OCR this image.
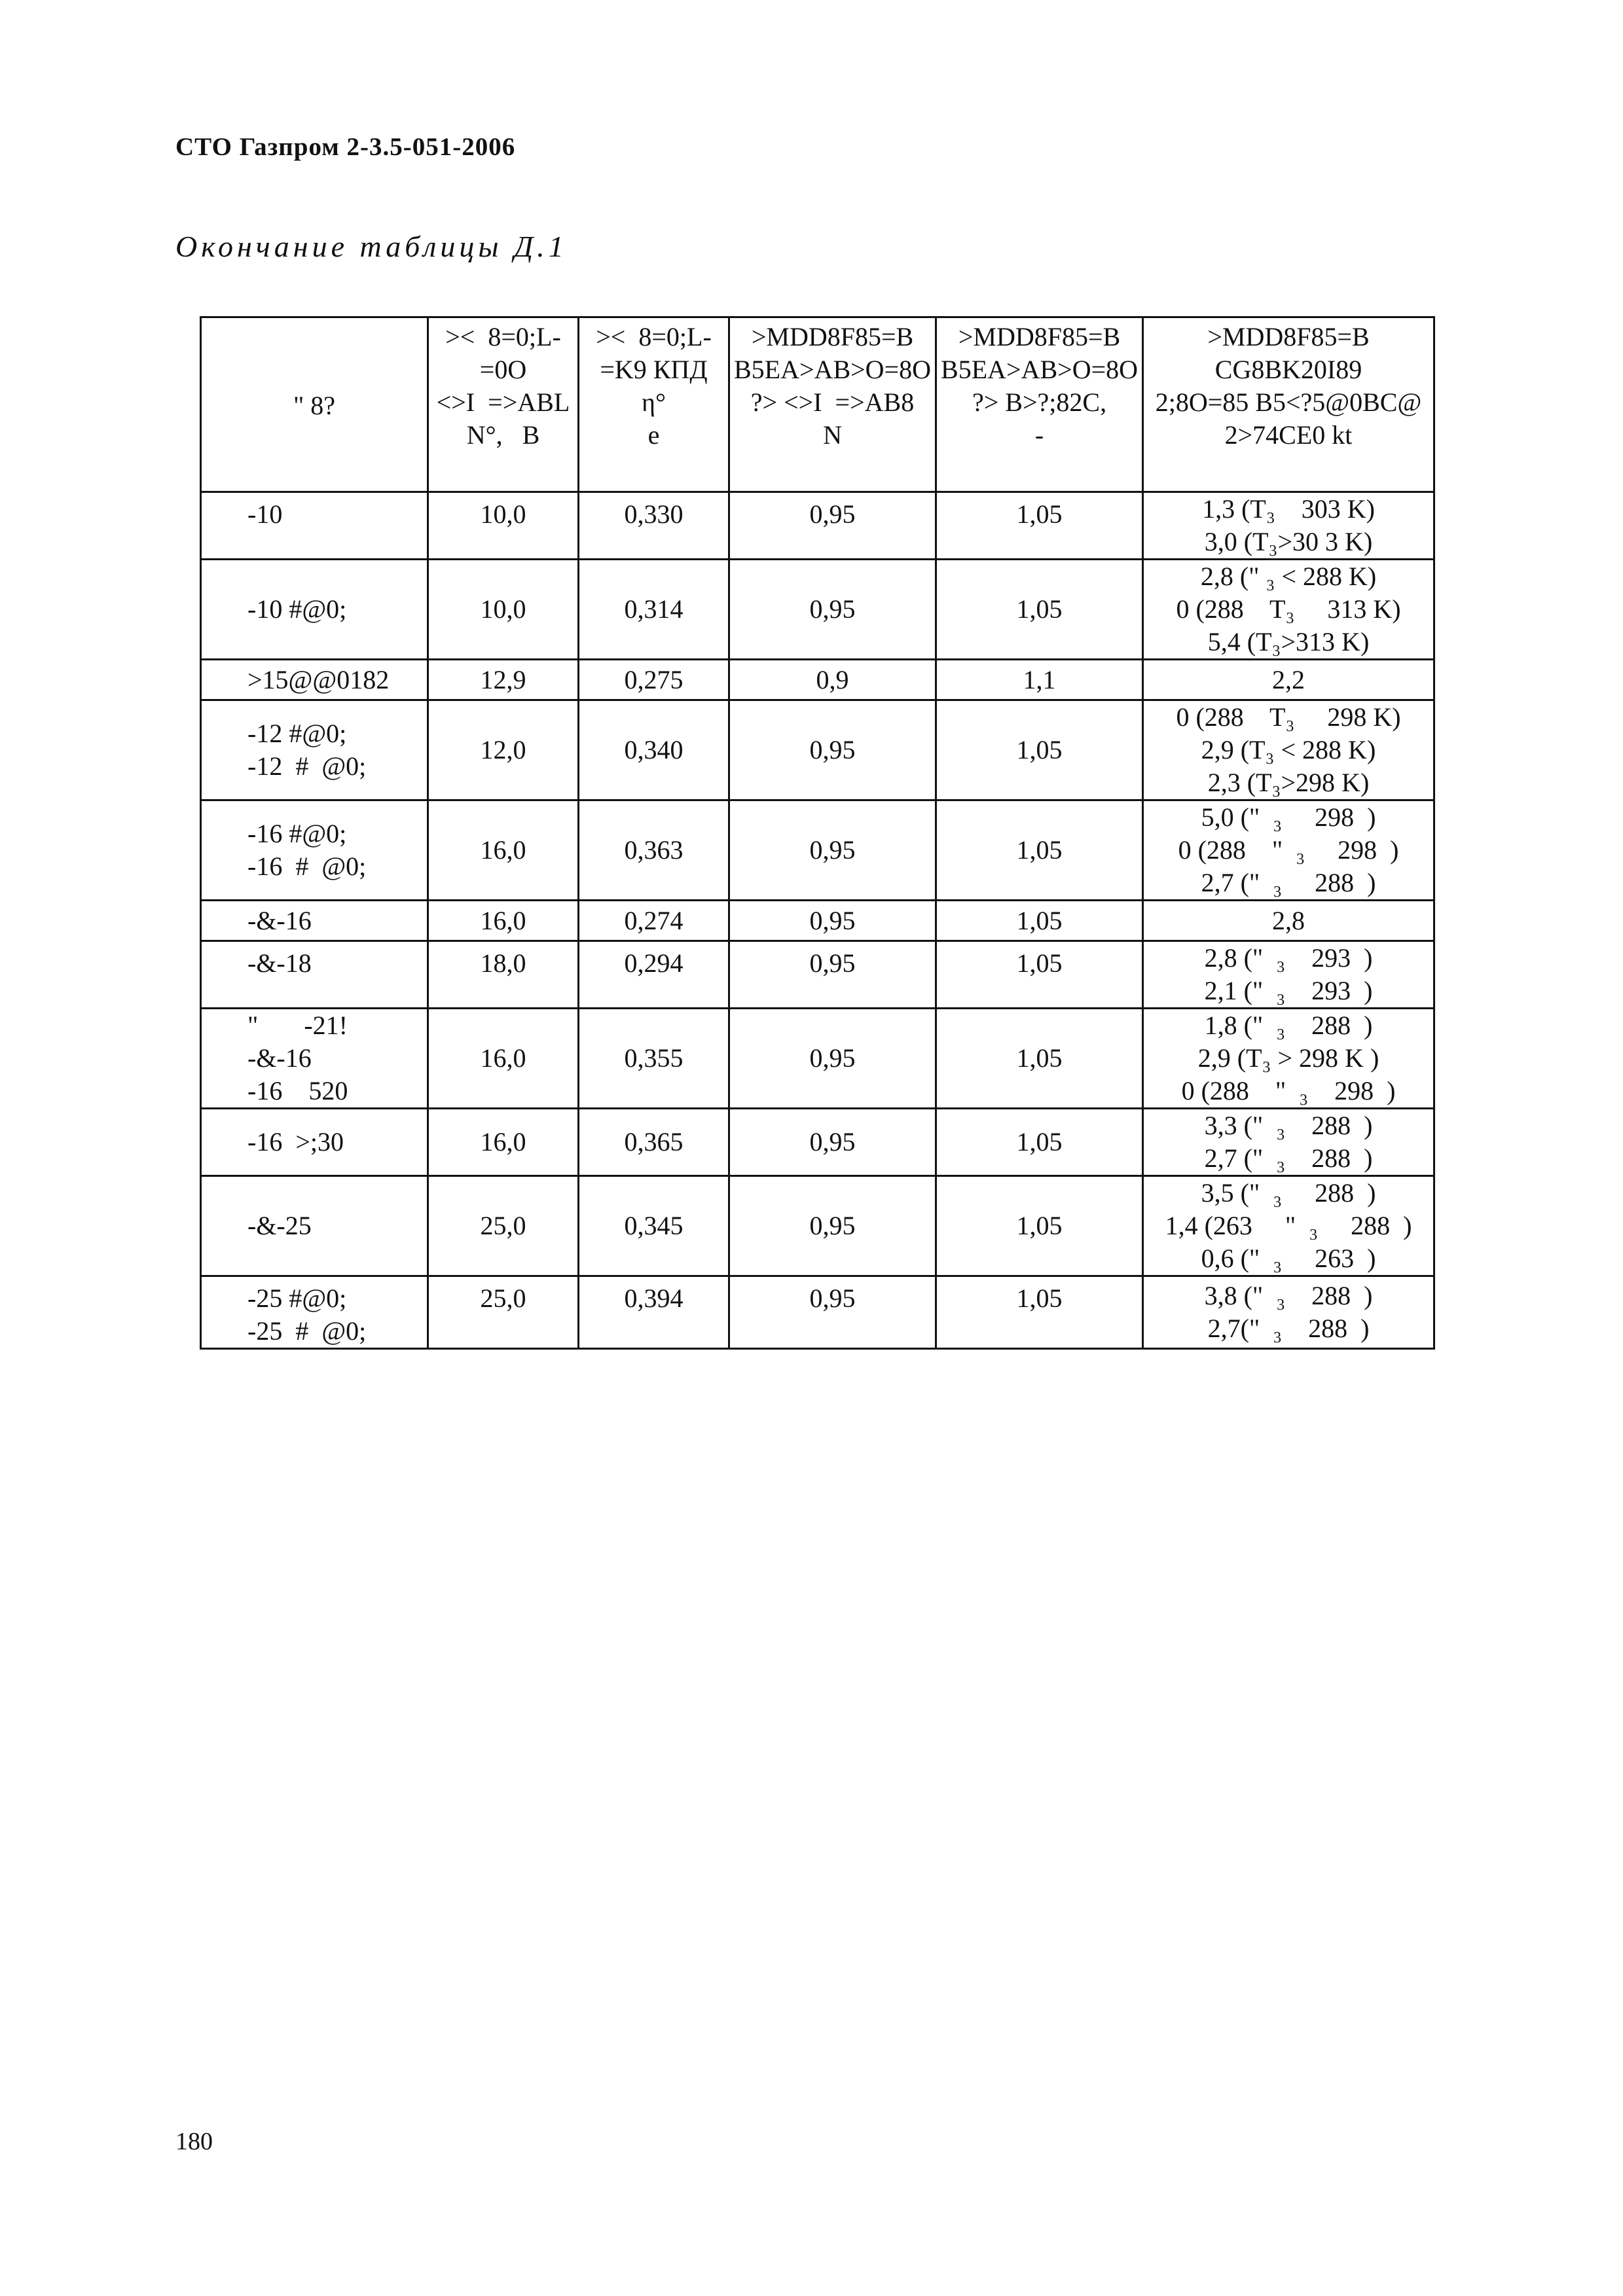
СТО Газпром 2-3.5-051-2006
Окончание таблицы Д.1
" 8?	><  8=0;L-
=0O
<>I  =>ABL
N°,   B	><  8=0;L-
=K9 КПД
η°
e	>MDD8F85=B
B5EA>AB>O=8O
?> <>I  =>AB8
N	>MDD8F85=B
B5EA>AB>O=8O
?> B>?;82C,
-	>MDD8F85=B
CG8BK20I89
2;8O=85 B5<?5@0BC@
2>74CE0 kt

-10	10,0	0,330	0,95	1,05	1,3 (T₃    303 K)
3,0 (T₃>30 3 K)

-10 #@0;	10,0	0,314	0,95	1,05	2,8 (" ₃ < 288 K)
0 (288    T₃     313 K)
5,4 (T₃>313 K)

>15@@0182	12,9	0,275	0,9	1,1	2,2

-12 #@0;
-12  #  @0;	12,0	0,340	0,95	1,05	0 (288    T₃     298 K)
2,9 (T₃ < 288 K)
2,3 (T₃>298 K)

-16 #@0;
-16  #  @0;	16,0	0,363	0,95	1,05	5,0 ("  ₃     298  )
0 (288    "  ₃     298  )
2,7 ("  ₃     288  )

-&-16	16,0	0,274	0,95	1,05	2,8

-&-18	18,0	0,294	0,95	1,05	2,8 ("  ₃    293  )
2,1 ("  ₃    293  )

"       -21!
-&-16
-16    520	16,0	0,355	0,95	1,05	1,8 ("  ₃    288  )
2,9 (T₃ > 298 K )
0 (288    "  ₃    298  )

-16  >;30	16,0	0,365	0,95	1,05	3,3 ("  ₃    288  )
2,7 ("  ₃    288  )

-&-25	25,0	0,345	0,95	1,05	3,5 ("  ₃     288  )
1,4 (263     "  ₃     288  )
0,6 ("  ₃     263  )

-25 #@0;
-25  #  @0;	25,0	0,394	0,95	1,05	3,8 ("  ₃    288  )
2,7("  ₃    288  )
180
